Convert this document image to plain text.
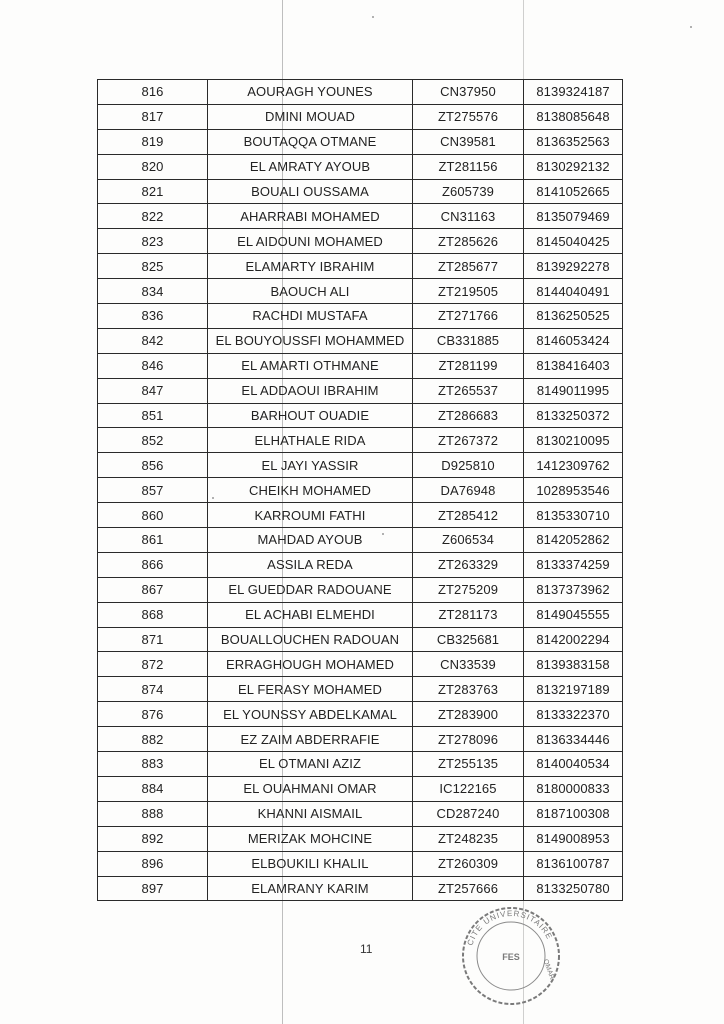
816	AOURAGH YOUNES	CN37950	8139324187
817	DMINI MOUAD	ZT275576	8138085648
819	BOUTAQQA OTMANE	CN39581	8136352563
820	EL AMRATY AYOUB	ZT281156	8130292132
821	BOUALI OUSSAMA	Z605739	8141052665
822	AHARRABI MOHAMED	CN31163	8135079469
823	EL AIDOUNI MOHAMED	ZT285626	8145040425
825	ELAMARTY IBRAHIM	ZT285677	8139292278
834	BAOUCH ALI	ZT219505	8144040491
836	RACHDI MUSTAFA	ZT271766	8136250525
842	EL BOUYOUSSFI MOHAMMED	CB331885	8146053424
846	EL AMARTI OTHMANE	ZT281199	8138416403
847	EL ADDAOUI IBRAHIM	ZT265537	8149011995
851	BARHOUT OUADIE	ZT286683	8133250372
852	ELHATHALE RIDA	ZT267372	8130210095
856	EL JAYI YASSIR	D925810	1412309762
857	CHEIKH MOHAMED	DA76948	1028953546
860	KARROUMI FATHI	ZT285412	8135330710
861	MAHDAD AYOUB	Z606534	8142052862
866	ASSILA REDA	ZT263329	8133374259
867	EL GUEDDAR RADOUANE	ZT275209	8137373962
868	EL ACHABI ELMEHDI	ZT281173	8149045555
871	BOUALLOUCHEN RADOUAN	CB325681	8142002294
872	ERRAGHOUGH MOHAMED	CN33539	8139383158
874	EL FERASY MOHAMED	ZT283763	8132197189
876	EL YOUNSSY ABDELKAMAL	ZT283900	8133322370
882	EZ ZAIM ABDERRAFIE	ZT278096	8136334446
883	EL OTMANI AZIZ	ZT255135	8140040534
884	EL OUAHMANI OMAR	IC122165	8180000833
888	KHANNI AISMAIL	CD287240	8187100308
892	MERIZAK MOHCINE	ZT248235	8149008953
896	ELBOUKILI KHALIL	ZT260309	8136100787
897	ELAMRANY KARIM	ZT257666	8133250780
11	CITE UNIVERSITAIRE
FES
OMAR
